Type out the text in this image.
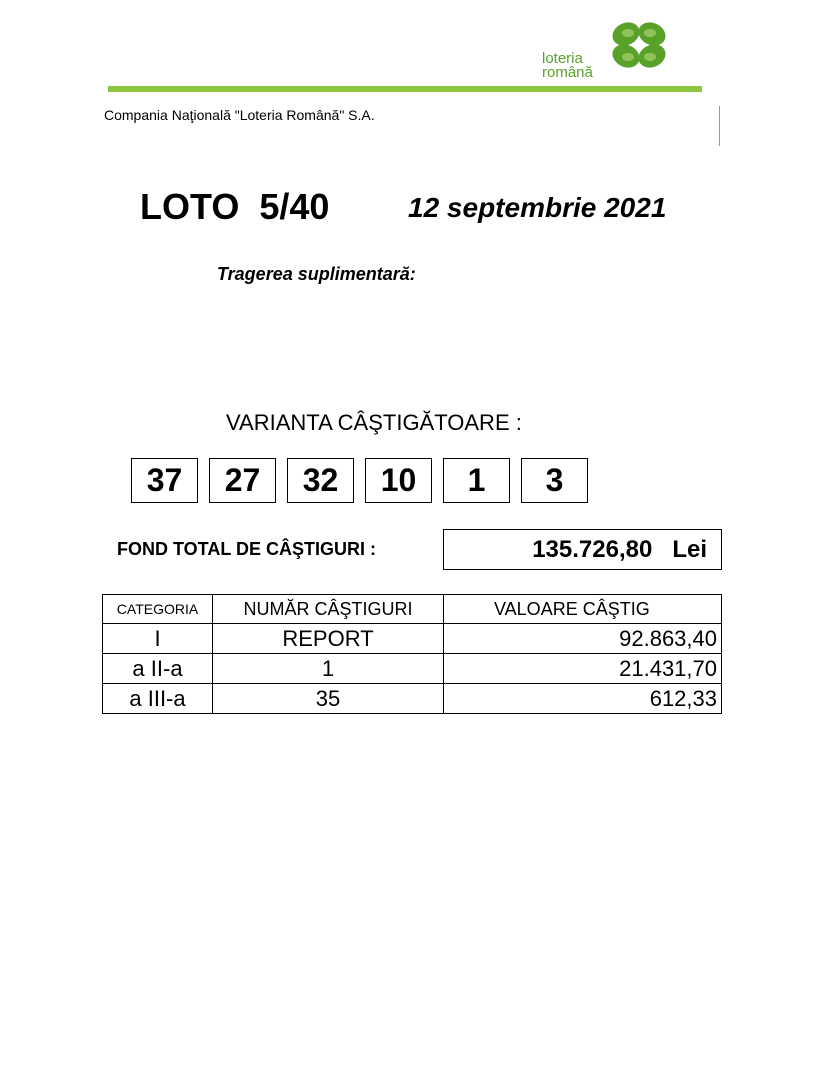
loteria
română
Compania Naţională "Loteria Română" S.A.
LOTO  5/40	12 septembrie 2021
Tragerea suplimentară:
VARIANTA CÂŞTIGĂTOARE :
37	27	32	10	1	3
FOND TOTAL DE CÂŞTIGURI :	135.726,80 Lei
CATEGORIA	NUMĂR CÂŞTIGURI	VALOARE CÂŞTIG
I	REPORT	92.863,40
a II-a	1	21.431,70
a III-a	35	612,33
